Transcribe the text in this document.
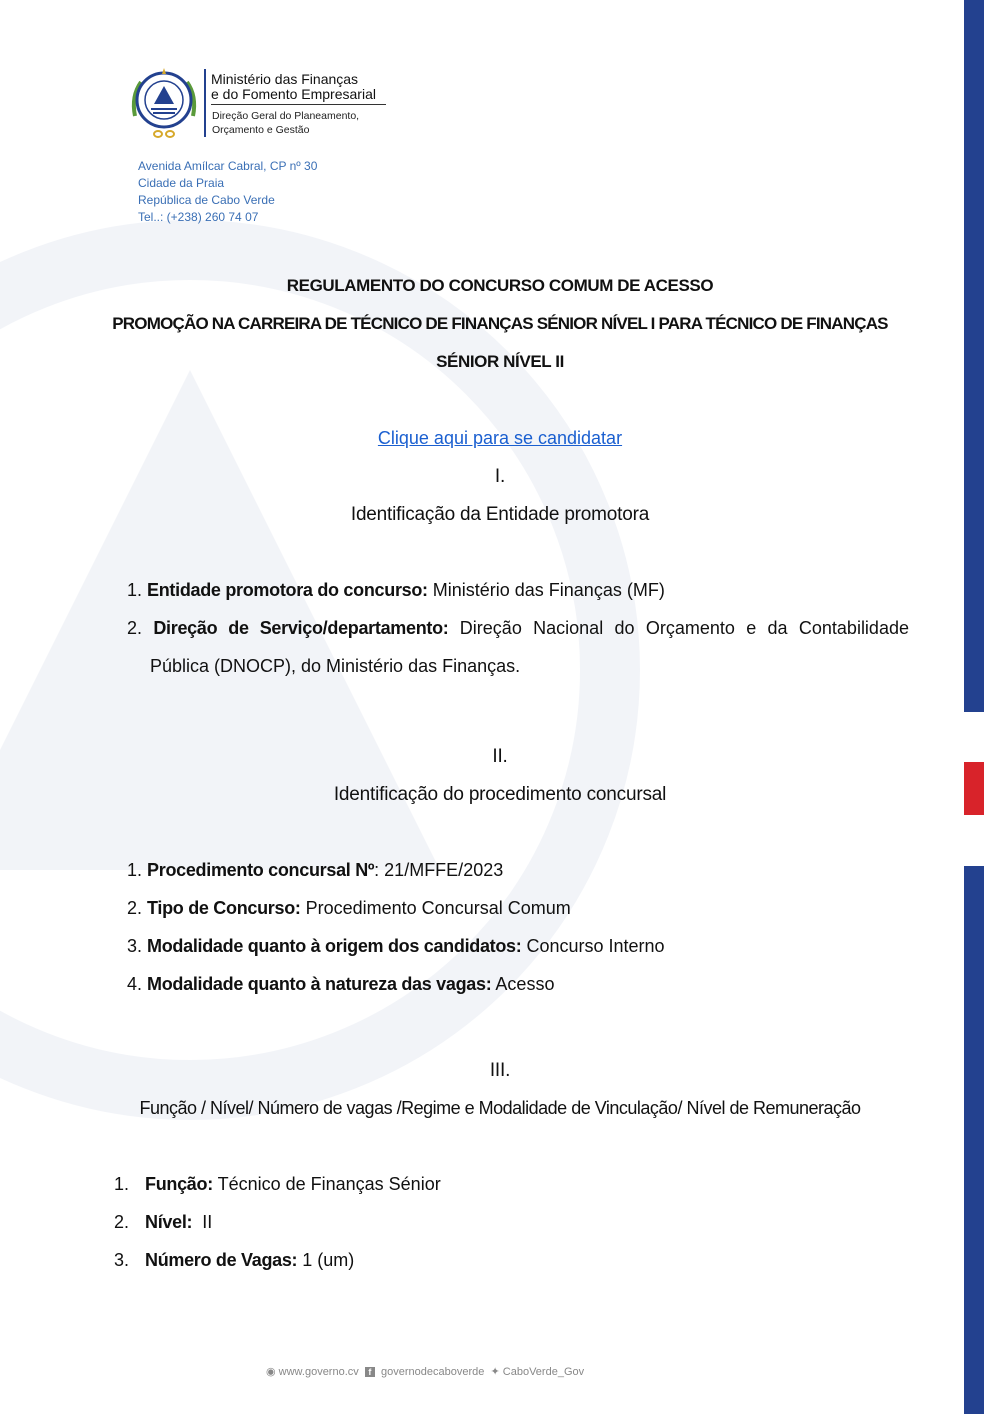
Ministério das Finanças
e do Fomento Empresarial
Direção Geral do Planeamento,
Orçamento e Gestão
Avenida Amílcar Cabral, CP nº 30
Cidade da Praia
República de Cabo Verde
Tel..: (+238) 260 74 07
REGULAMENTO DO CONCURSO COMUM DE ACESSO
PROMOÇÃO NA CARREIRA DE TÉCNICO DE FINANÇAS SÉNIOR NÍVEL I PARA TÉCNICO DE FINANÇAS
SÉNIOR NÍVEL II
Clique aqui para se candidatar
I.
Identificação da Entidade promotora
1. Entidade promotora do concurso: Ministério das Finanças (MF)
2. Direção de Serviço/departamento: Direção Nacional do Orçamento e da Contabilidade
Pública (DNOCP), do Ministério das Finanças.
II.
Identificação do procedimento concursal
1. Procedimento concursal Nº: 21/MFFE/2023
2. Tipo de Concurso: Procedimento Concursal Comum
3. Modalidade quanto à origem dos candidatos: Concurso Interno
4. Modalidade quanto à natureza das vagas: Acesso
III.
Função / Nível/ Número de vagas /Regime e Modalidade de Vinculação/ Nível de Remuneração
1. Função: Técnico de Finanças Sénior
2. Nível:  II
3. Número de Vagas: 1 (um)
◉ www.governo.cv f governodecaboverde ✦ CaboVerde_Gov
